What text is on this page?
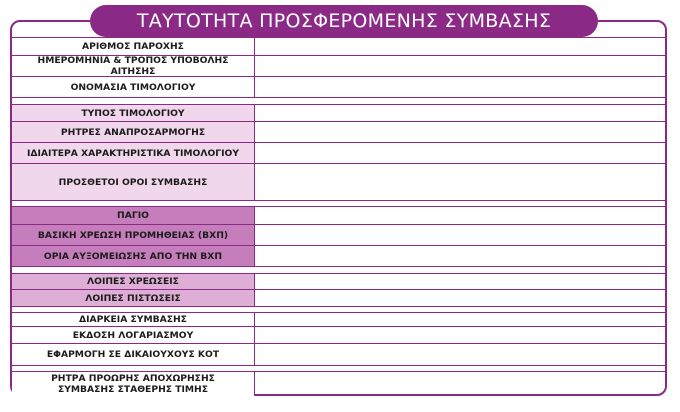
ΤΑΥΤΟΤΗΤΑ ΠΡΟΣΦΕΡΟΜΕΝΗΣ ΣΥΜΒΑΣΗΣ
ΑΡΙΘΜΟΣ ΠΑΡΟΧΗΣ
ΗΜΕΡΟΜΗΝΙΑ & ΤΡΟΠΟΣ ΥΠΟΒΟΛΗΣ ΑΙΤΗΣΗΣ
ΟΝΟΜΑΣΙΑ ΤΙΜΟΛΟΓΙΟΥ
ΤΥΠΟΣ ΤΙΜΟΛΟΓΙΟΥ
ΡΗΤΡΕΣ ΑΝΑΠΡΟΣΑΡΜΟΓΗΣ
ΙΔΙΑΙΤΕΡΑ ΧΑΡΑΚΤΗΡΙΣΤΙΚΑ ΤΙΜΟΛΟΓΙΟΥ
ΠΡΟΣΘΕΤΟΙ ΟΡΟΙ ΣΥΜΒΑΣΗΣ
ΠΑΓΙΟ
ΒΑΣΙΚΗ ΧΡΕΩΣΗ ΠΡΟΜΗΘΕΙΑΣ (ΒΧΠ)
ΟΡΙΑ ΑΥΞΟΜΕΙΩΣΗΣ ΑΠΟ ΤΗΝ ΒΧΠ
ΛΟΙΠΕΣ ΧΡΕΩΣΕΙΣ
ΛΟΙΠΕΣ ΠΙΣΤΩΣΕΙΣ
ΔΙΑΡΚΕΙΑ ΣΥΜΒΑΣΗΣ
ΕΚΔΟΣΗ ΛΟΓΑΡΙΑΣΜΟΥ
ΕΦΑΡΜΟΓΗ ΣΕ ΔΙΚΑΙΟΥΧΟΥΣ ΚΟΤ
ΡΗΤΡΑ ΠΡΟΩΡΗΣ ΑΠΟΧΩΡΗΣΗΣ
ΣΥΜΒΑΣΗΣ ΣΤΑΘΕΡΗΣ ΤΙΜΗΣ
